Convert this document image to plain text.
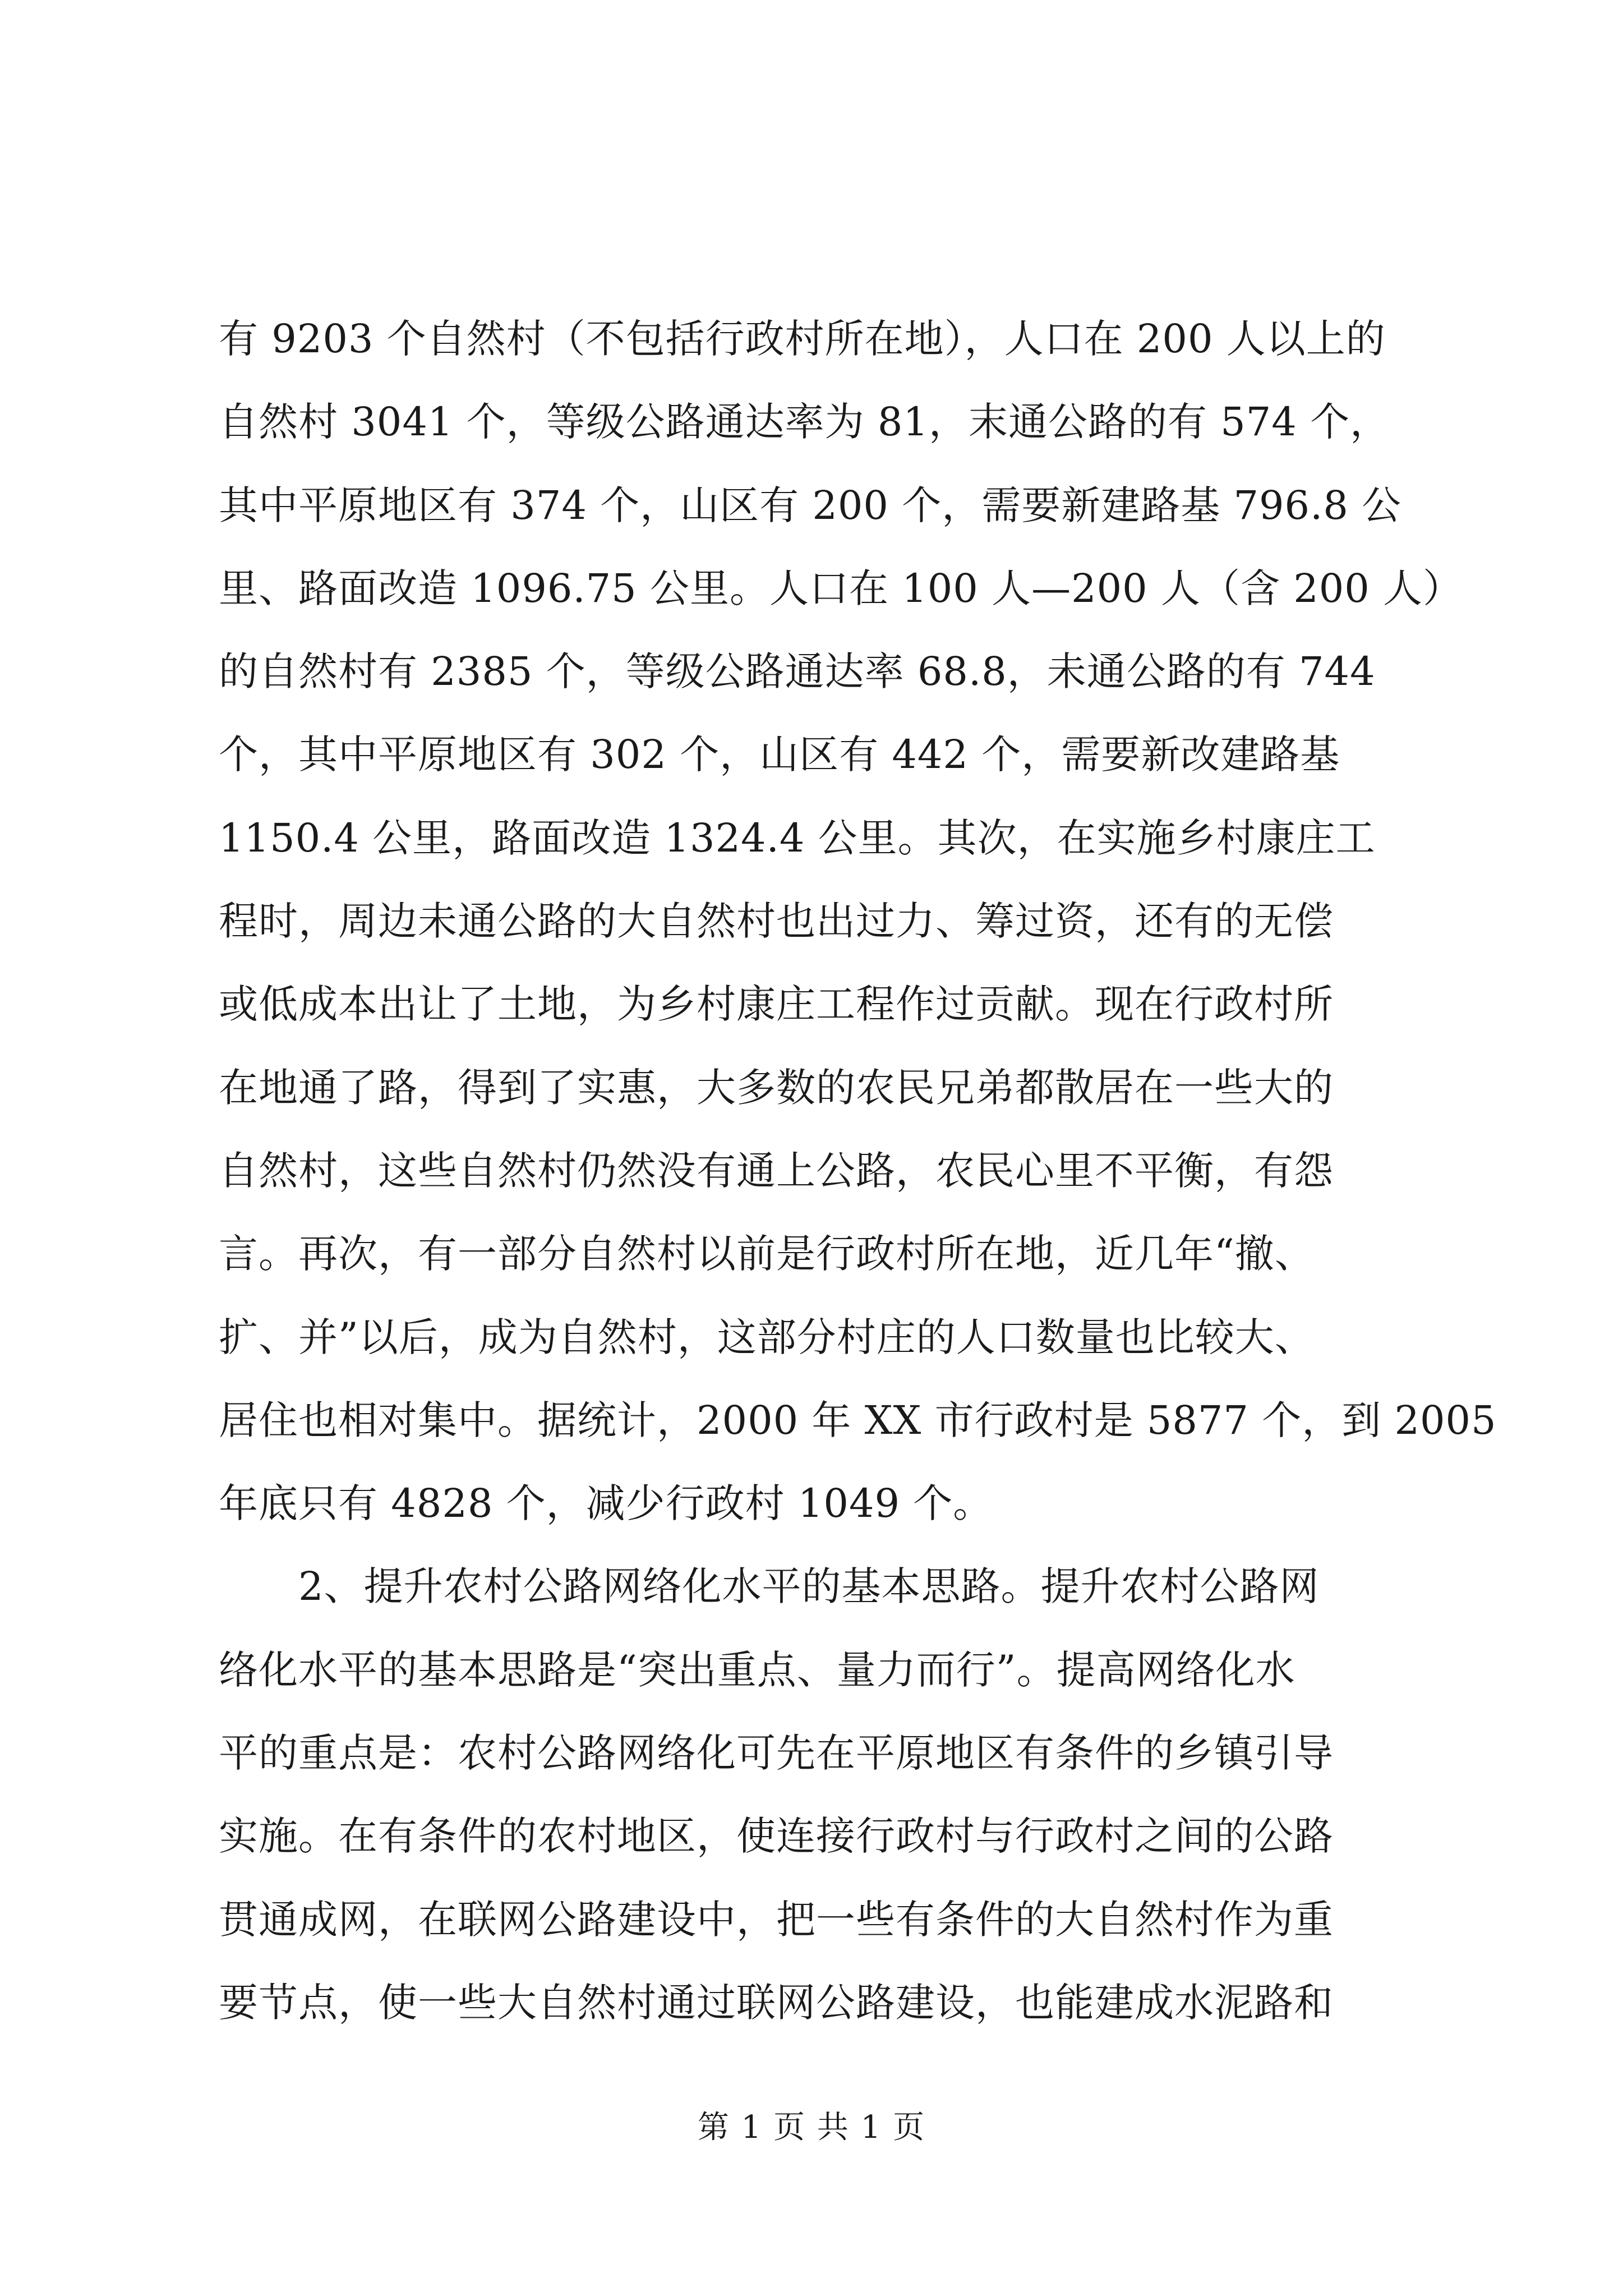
有 9203 个自然村（不包括行政村所在地），人口在 200 人以上的
自然村 3041 个，等级公路通达率为 81，末通公路的有 574 个，
其中平原地区有 374 个，山区有 200 个，需要新建路基 796.8 公
里、路面改造 1096.75 公里。人口在 100 人—200 人（含 200 人）
的自然村有 2385 个，等级公路通达率 68.8，未通公路的有 744
个，其中平原地区有 302 个，山区有 442 个，需要新改建路基
1150.4 公里，路面改造 1324.4 公里。其次，在实施乡村康庄工
程时，周边未通公路的大自然村也出过力、筹过资，还有的无偿
或低成本出让了土地，为乡村康庄工程作过贡献。现在行政村所
在地通了路，得到了实惠，大多数的农民兄弟都散居在一些大的
自然村，这些自然村仍然没有通上公路，农民心里不平衡，有怨
言。再次，有一部分自然村以前是行政村所在地，近几年“撤、
扩、并”以后，成为自然村，这部分村庄的人口数量也比较大、
居住也相对集中。据统计，2000 年 XX 市行政村是 5877 个，到 2005
年底只有 4828 个，减少行政村 1049 个。
2、提升农村公路网络化水平的基本思路。提升农村公路网
络化水平的基本思路是“突出重点、量力而行”。提高网络化水
平的重点是：农村公路网络化可先在平原地区有条件的乡镇引导
实施。在有条件的农村地区，使连接行政村与行政村之间的公路
贯通成网，在联网公路建设中，把一些有条件的大自然村作为重
要节点，使一些大自然村通过联网公路建设，也能建成水泥路和
第 1 页 共 1 页
